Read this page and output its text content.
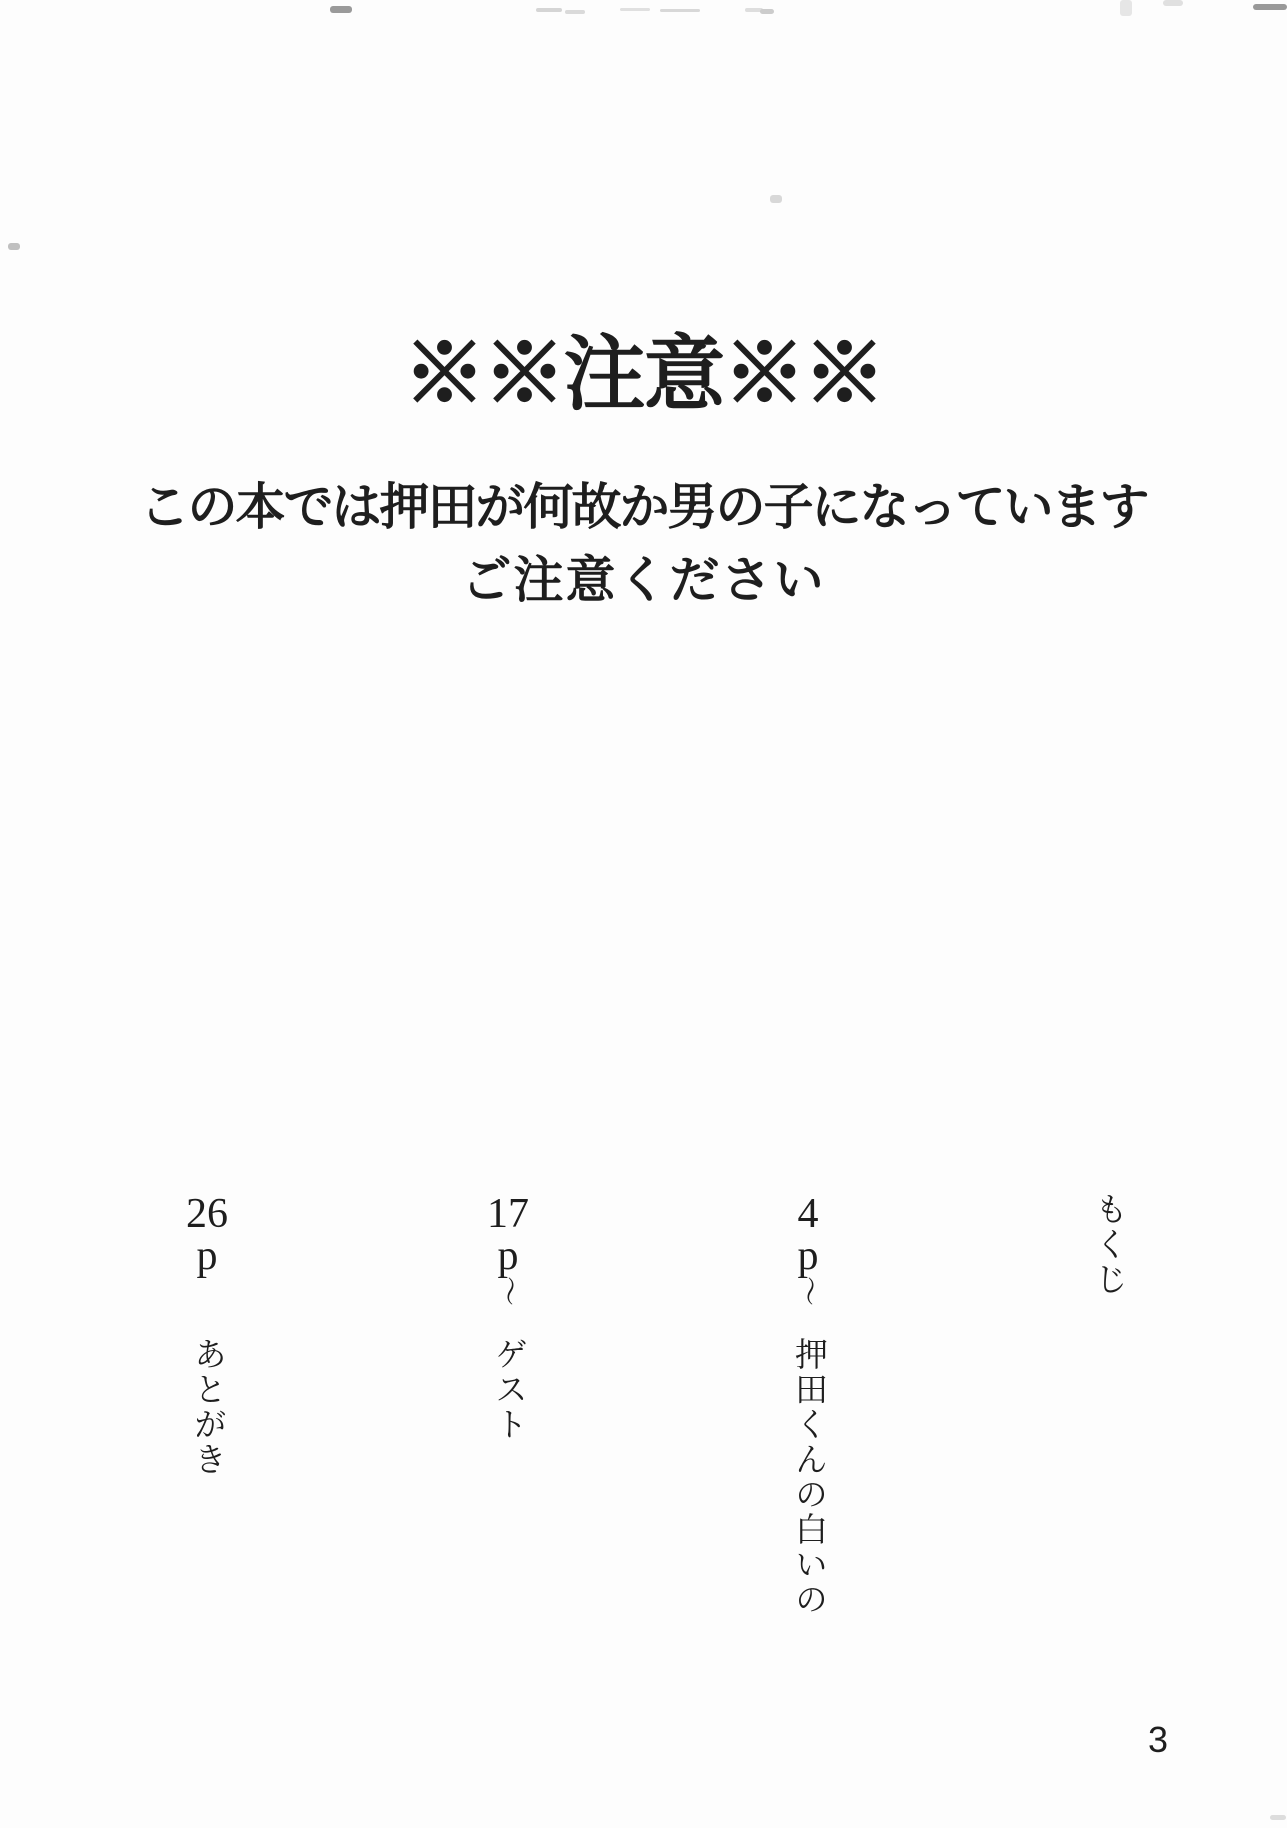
※※注意※※
この本では押田が何故か男の子になっています
ご注意ください
もくじ
4
p
〜
押田くんの白いの
17
p
〜
ゲスト
26
p
あとがき
3
